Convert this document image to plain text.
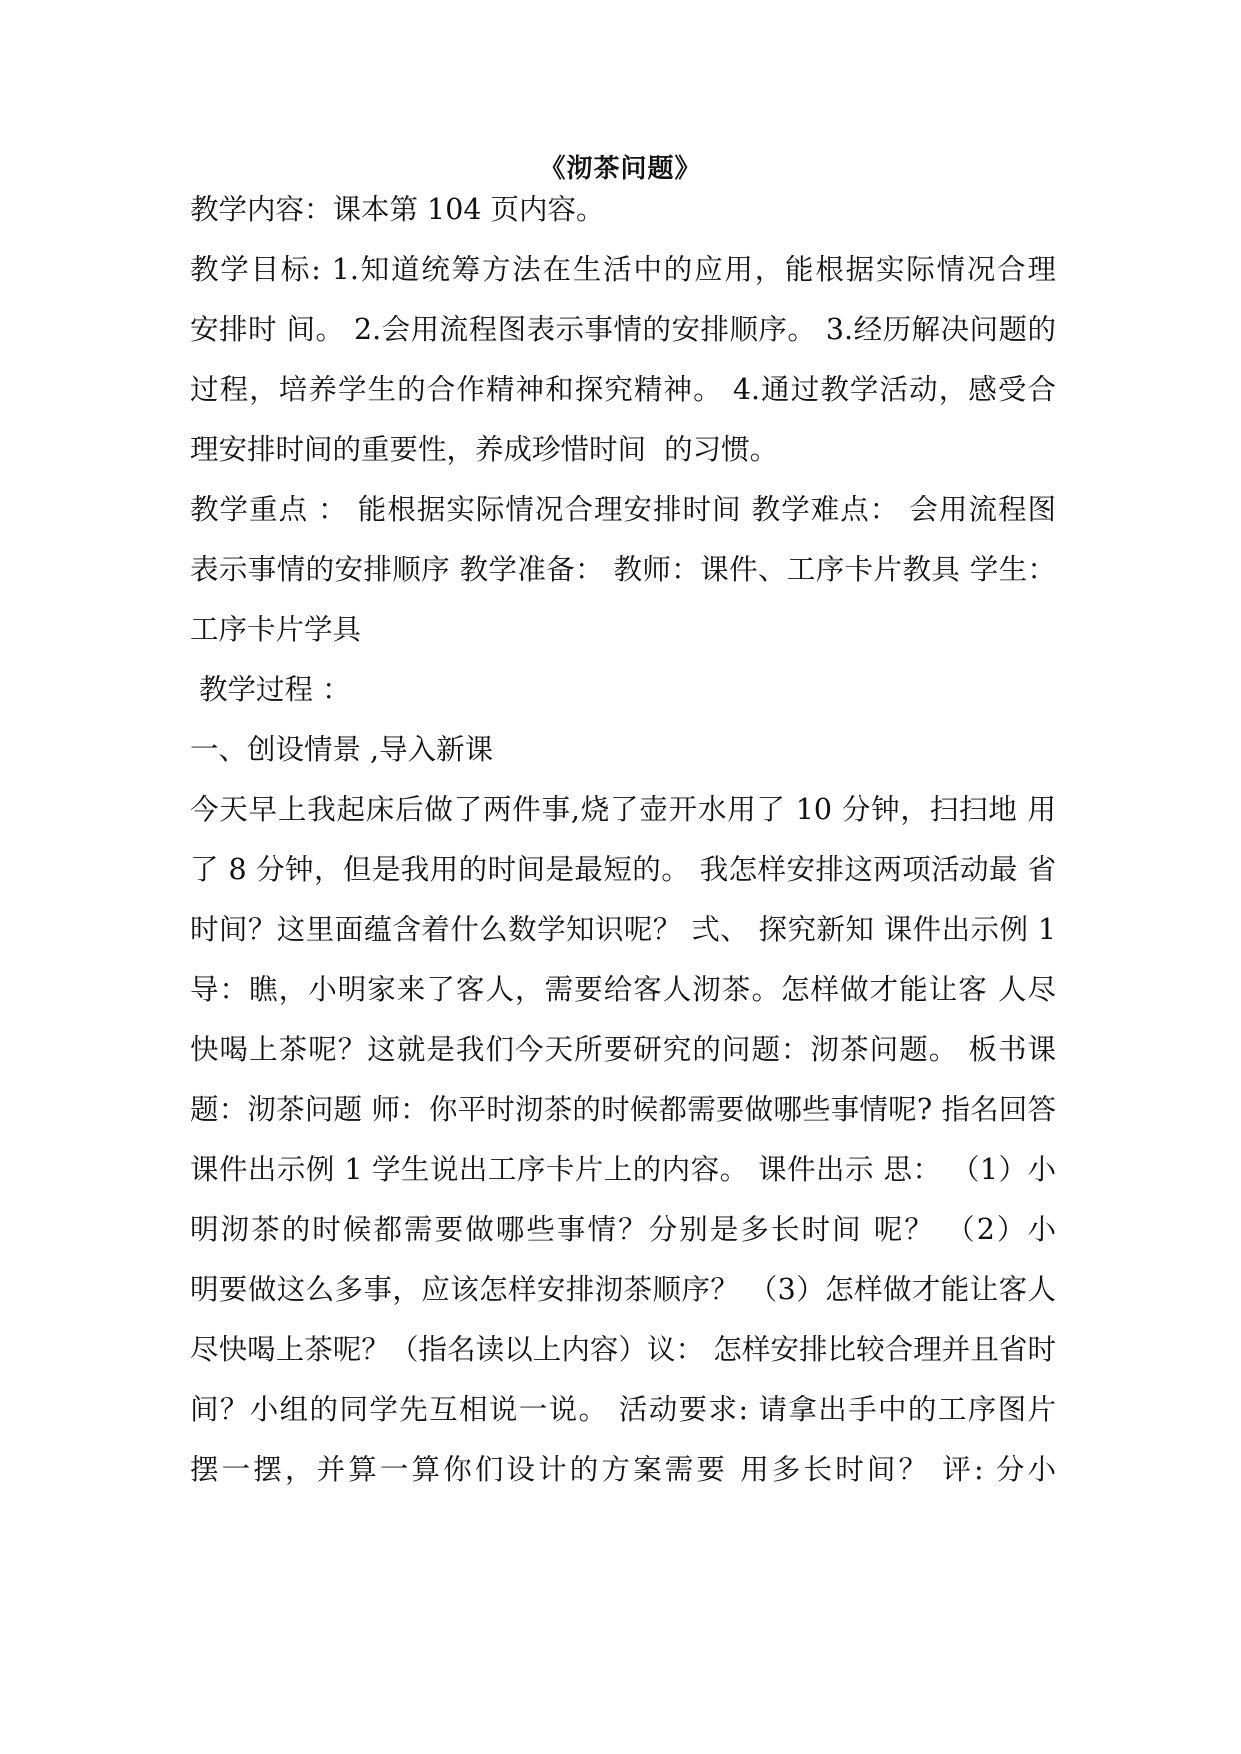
《沏茶问题》
教学内容：课本第 104 页内容。
教学目标: 1.知道统筹方法在生活中的应用，能根据实际情况合理
安排时 间。 2.会用流程图表示事情的安排顺序。 3.经历解决问题的
过程，培养学生的合作精神和探究精神。 4.通过教学活动，感受合
理安排时间的重要性，养成珍惜时间  的习惯。
教学重点 ： 能根据实际情况合理安排时间 教学难点： 会用流程图
表示事情的安排顺序 教学准备： 教师：课件、工序卡片教具 学生：
工序卡片学具
教学过程 ：
一、创设情景 ,导入新课
今天早上我起床后做了两件事,烧了壶开水用了 10 分钟，扫扫地 用
了 8 分钟，但是我用的时间是最短的。 我怎样安排这两项活动最 省
时间？这里面蕴含着什么数学知识呢？ 弍、 探究新知 课件出示例 1
导：瞧，小明家来了客人，需要给客人沏茶。怎样做才能让客 人尽
快喝上茶呢？这就是我们今天所要研究的问题：沏茶问题。 板书课
题：沏茶问题 师：你平时沏茶的时候都需要做哪些事情呢? 指名回答
课件出示例 1 学生说出工序卡片上的内容。 课件出示 思： （1）小
明沏茶的时候都需要做哪些事情？分别是多长时间 呢？ （2）小
明要做这么多事，应该怎样安排沏茶顺序？ （3）怎样做才能让客人
尽快喝上茶呢？（指名读以上内容）议： 怎样安排比较合理并且省时
间？小组的同学先互相说一说。 活动要求: 请拿出手中的工序图片
摆一摆，并算一算你们设计的方案需要 用多长时间？ 评: 分小
